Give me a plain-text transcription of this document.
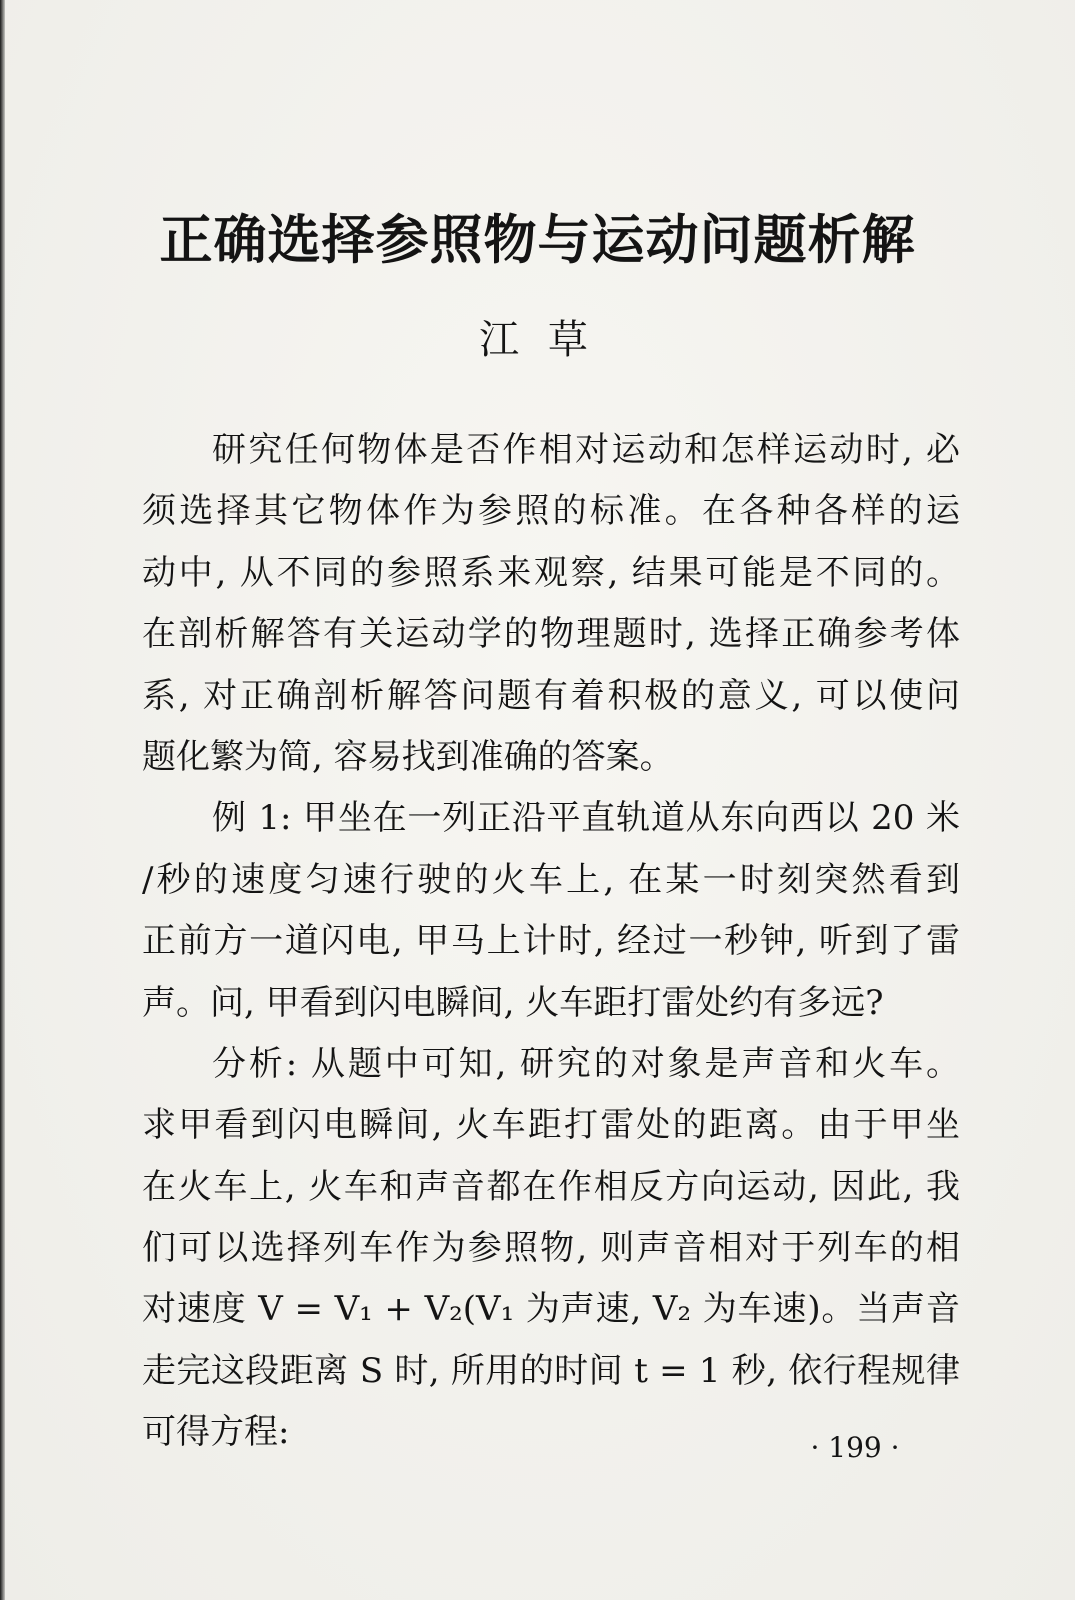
正确选择参照物与运动问题析解
江 草
研究任何物体是否作相对运动和怎样运动时, 必
须选择其它物体作为参照的标准。在各种各样的运
动中, 从不同的参照系来观察, 结果可能是不同的。
在剖析解答有关运动学的物理题时, 选择正确参考体
系, 对正确剖析解答问题有着积极的意义, 可以使问
题化繁为简, 容易找到准确的答案。
例 1: 甲坐在一列正沿平直轨道从东向西以 20 米
/秒的速度匀速行驶的火车上, 在某一时刻突然看到
正前方一道闪电, 甲马上计时, 经过一秒钟, 听到了雷
声。问, 甲看到闪电瞬间, 火车距打雷处约有多远?
分析: 从题中可知, 研究的对象是声音和火车。
求甲看到闪电瞬间, 火车距打雷处的距离。由于甲坐
在火车上, 火车和声音都在作相反方向运动, 因此, 我
们可以选择列车作为参照物, 则声音相对于列车的相
对速度 V = V₁ + V₂(V₁ 为声速, V₂ 为车速)。当声音
走完这段距离 S 时, 所用的时间 t = 1 秒, 依行程规律
可得方程:	· 199 ·
